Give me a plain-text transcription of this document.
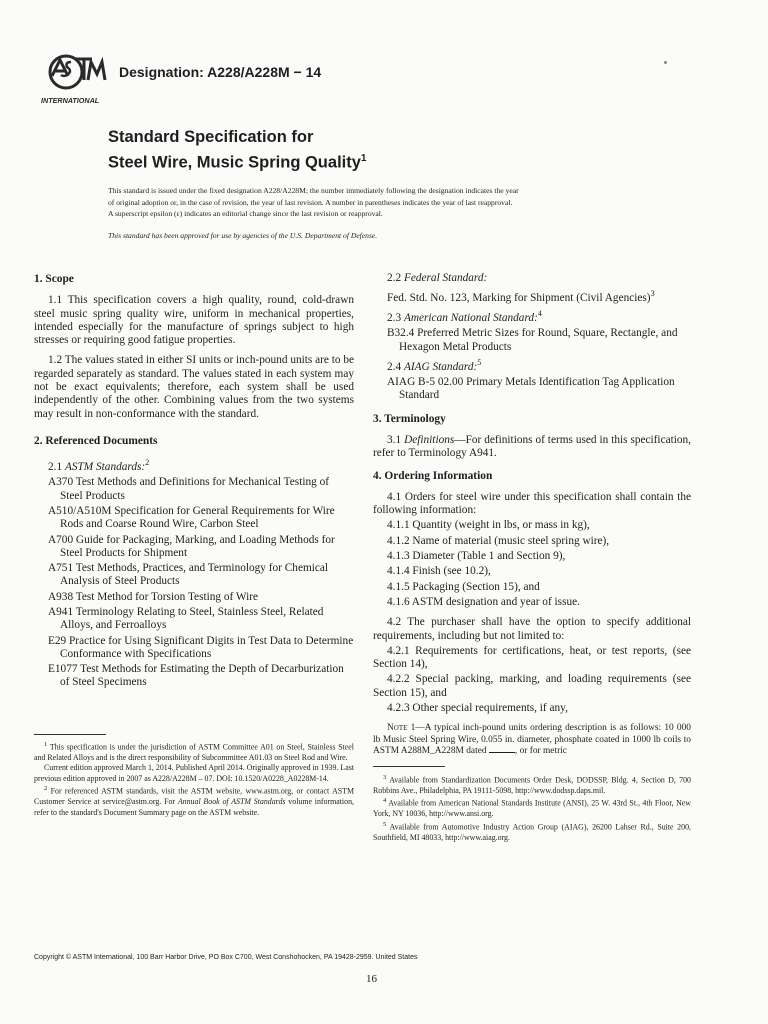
INTERNATIONAL
Designation: A228/A228M − 14
Standard Specification for
Steel Wire, Music Spring Quality$^1$

This standard is issued under the fixed designation A228/A228M; the number immediately following the designation indicates the year

of original adoption or, in the case of revision, the year of last revision. A number in parentheses indicates the year of last reapproval.

A superscript epsilon (ε) indicates an editorial change since the last revision or reapproval.

This standard has been approved for use by agencies of the U.S. Department of Defense.
1. Scope

1.1 This specification covers a high quality, round, cold-drawn steel music spring quality wire, uniform in mechanical properties, intended especially for the manufacture of springs subject to high stresses or requiring good fatigue properties.

1.2 The values stated in either SI units or inch-pound units are to be regarded separately as standard. The values stated in each system may not be exact equivalents; therefore, each system shall be used independently of the other. Combining values from the two systems may result in non-conformance with the standard.

2. Referenced Documents
2.1 ASTM Standards:$^2$
A370 Test Methods and Definitions for Mechanical Testing of Steel Products
A510/A510M Specification for General Requirements for Wire Rods and Coarse Round Wire, Carbon Steel
A700 Guide for Packaging, Marking, and Loading Methods for Steel Products for Shipment
A751 Test Methods, Practices, and Terminology for Chemical Analysis of Steel Products
A938 Test Method for Torsion Testing of Wire
A941 Terminology Relating to Steel, Stainless Steel, Related Alloys, and Ferroalloys
E29 Practice for Using Significant Digits in Test Data to Determine Conformance with Specifications
E1077 Test Methods for Estimating the Depth of Decarburization of Steel Specimens
2.2 Federal Standard:
Fed. Std. No. 123, Marking for Shipment (Civil Agencies)$^3$
2.3 American National Standard:$^4$
B32.4 Preferred Metric Sizes for Round, Square, Rectangle, and Hexagon Metal Products
2.4 AIAG Standard:$^5$
AIAG B-5 02.00 Primary Metals Identification Tag Application Standard
3. Terminology

3.1 Definitions—For definitions of terms used in this specification, refer to Terminology A941.

4. Ordering Information

4.1 Orders for steel wire under this specification shall contain the following information:

4.1.1 Quantity (weight in lbs, or mass in kg),
4.1.2 Name of material (music steel spring wire),
4.1.3 Diameter (Table 1 and Section 9),
4.1.4 Finish (see 10.2),
4.1.5 Packaging (Section 15), and
4.1.6 ASTM designation and year of issue.

4.2 The purchaser shall have the option to specify additional requirements, including but not limited to:

4.2.1 Requirements for certifications, heat, or test reports, (see Section 14),

4.2.2 Special packing, marking, and loading requirements (see Section 15), and

4.2.3 Other special requirements, if any,

Note 1—A typical inch-pound units ordering description is as follows: 10 000 lb Music Steel Spring Wire, 0.055 in. diameter, phosphate coated in 1000 lb coils to ASTM A288M_A228M dated	, or for metric

$^1$ This specification is under the jurisdiction of ASTM Committee A01 on Steel, Stainless Steel and Related Alloys and is the direct responsibility of Subcommittee A01.03 on Steel Rod and Wire.

Current edition approved March 1, 2014. Published April 2014. Originally approved in 1939. Last previous edition approved in 2007 as A228/A228M – 07. DOI: 10.1520/A0228_A0228M-14.

$^2$ For referenced ASTM standards, visit the ASTM website, www.astm.org, or contact ASTM Customer Service at service@astm.org. For Annual Book of ASTM Standards volume information, refer to the standard's Document Summary page on the ASTM website.

$^3$ Available from Standardization Documents Order Desk, DODSSP, Bldg. 4, Section D, 700 Robbins Ave., Philadelphia, PA 19111-5098, http://www.dodssp.daps.mil.

$^4$ Available from American National Standards Institute (ANSI), 25 W. 43rd St., 4th Floor, New York, NY 10036, http://www.ansi.org.

$^5$ Available from Automotive Industry Action Group (AIAG), 26200 Lahser Rd., Suite 200, Southfield, MI 48033, http://www.aiag.org.

Copyright © ASTM International, 100 Barr Harbor Drive, PO Box C700, West Conshohocken, PA 19428-2959. United States
16
